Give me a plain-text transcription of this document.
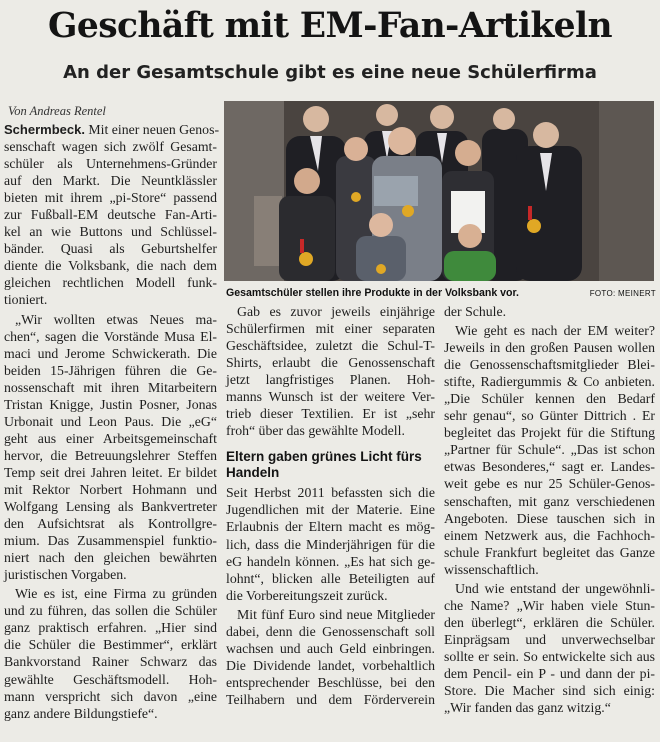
Geschäft mit EM-Fan-Artikeln
An der Gesamtschule gibt es eine neue Schülerfirma
Von Andreas Rentel

Schermbeck. Mit einer neuen Genos-

senschaft wagen sich zwölf Gesamt-

schüler als Unternehmens-Gründer

auf den Markt. Die Neuntklässler

bieten mit ihrem „pi-Store“ passend

zur Fußball-EM deutsche Fan-Arti-

kel an wie Buttons und Schlüssel-

bänder. Quasi als Geburtshelfer

diente die Volksbank, die nach dem

gleichen rechtlichen Modell funk-

tioniert.

„Wir wollten etwas Neues ma-

chen“, sagen die Vorstände Musa El-

maci und Jerome Schwickerath. Die

beiden 15-Jährigen führen die Ge-

nossenschaft mit ihren Mitarbeitern

Tristan Knigge, Justin Posner, Jonas

Urbonait und Leon Paus. Die „eG“

geht aus einer Arbeitsgemeinschaft

hervor, die Betreuungslehrer Steffen

Temp seit drei Jahren leitet. Er bildet

mit Rektor Norbert Hohmann und

Wolfgang Lensing als Bankvertreter

den Aufsichtsrat als Kontrollgre-

mium. Das Zusammenspiel funktio-

niert nach den gleichen bewährten

juristischen Vorgaben.

Wie es ist, eine Firma zu gründen

und zu führen, das sollen die Schüler

ganz praktisch erfahren. „Hier sind

die Schüler die Bestimmer“, erklärt

Bankvorstand Rainer Schwarz das

gewählte Geschäftsmodell. Hoh-

mann verspricht sich davon „eine

ganz andere Bildungstiefe“.

Gesamtschüler stellen ihre Produkte in der Volksbank vor.	FOTO: MEINERT

Gab es zuvor jeweils einjährige

Schülerfirmen mit einer separaten

Geschäftsidee, zuletzt die Schul-T-

Shirts, erlaubt die Genossenschaft

jetzt langfristiges Planen. Hoh-

manns Wunsch ist der weitere Ver-

trieb dieser Textilien. Er ist „sehr

froh“ über das gewählte Modell.

Eltern gaben grünes Licht fürs Handeln

Seit Herbst 2011 befassten sich die

Jugendlichen mit der Materie. Eine

Erlaubnis der Eltern macht es mög-

lich, dass die Minderjährigen für die

eG handeln können. „Es hat sich ge-

lohnt“, blicken alle Beteiligten auf

die Vorbereitungszeit zurück.

Mit fünf Euro sind neue Mitglieder

dabei, denn die Genossenschaft soll

wachsen und auch Geld einbringen.

Die Dividende landet, vorbehaltlich

entsprechender Beschlüsse, bei den

Teilhabern und dem Förderverein

der Schule.

Wie geht es nach der EM weiter?

Jeweils in den großen Pausen wollen

die Genossenschaftsmitglieder Blei-

stifte, Radiergummis & Co anbieten.

„Die Schüler kennen den Bedarf

sehr genau“, so Günter Dittrich . Er

begleitet das Projekt für die Stiftung

„Partner für Schule“. „Das ist schon

etwas Besonderes,“ sagt er. Landes-

weit gebe es nur 25 Schüler-Genos-

senschaften, mit ganz verschiedenen

Angeboten. Diese tauschen sich in

einem Netzwerk aus, die Fachhoch-

schule Frankfurt begleitet das Ganze

wissenschaftlich.

Und wie entstand der ungewöhnli-

che Name? „Wir haben viele Stun-

den überlegt“, erklären die Schüler.

Einprägsam und unverwechselbar

sollte er sein. So entwickelte sich aus

dem Pencil- ein P - und dann der pi-

Store. Die Macher sind sich einig:

„Wir fanden das ganz witzig.“
